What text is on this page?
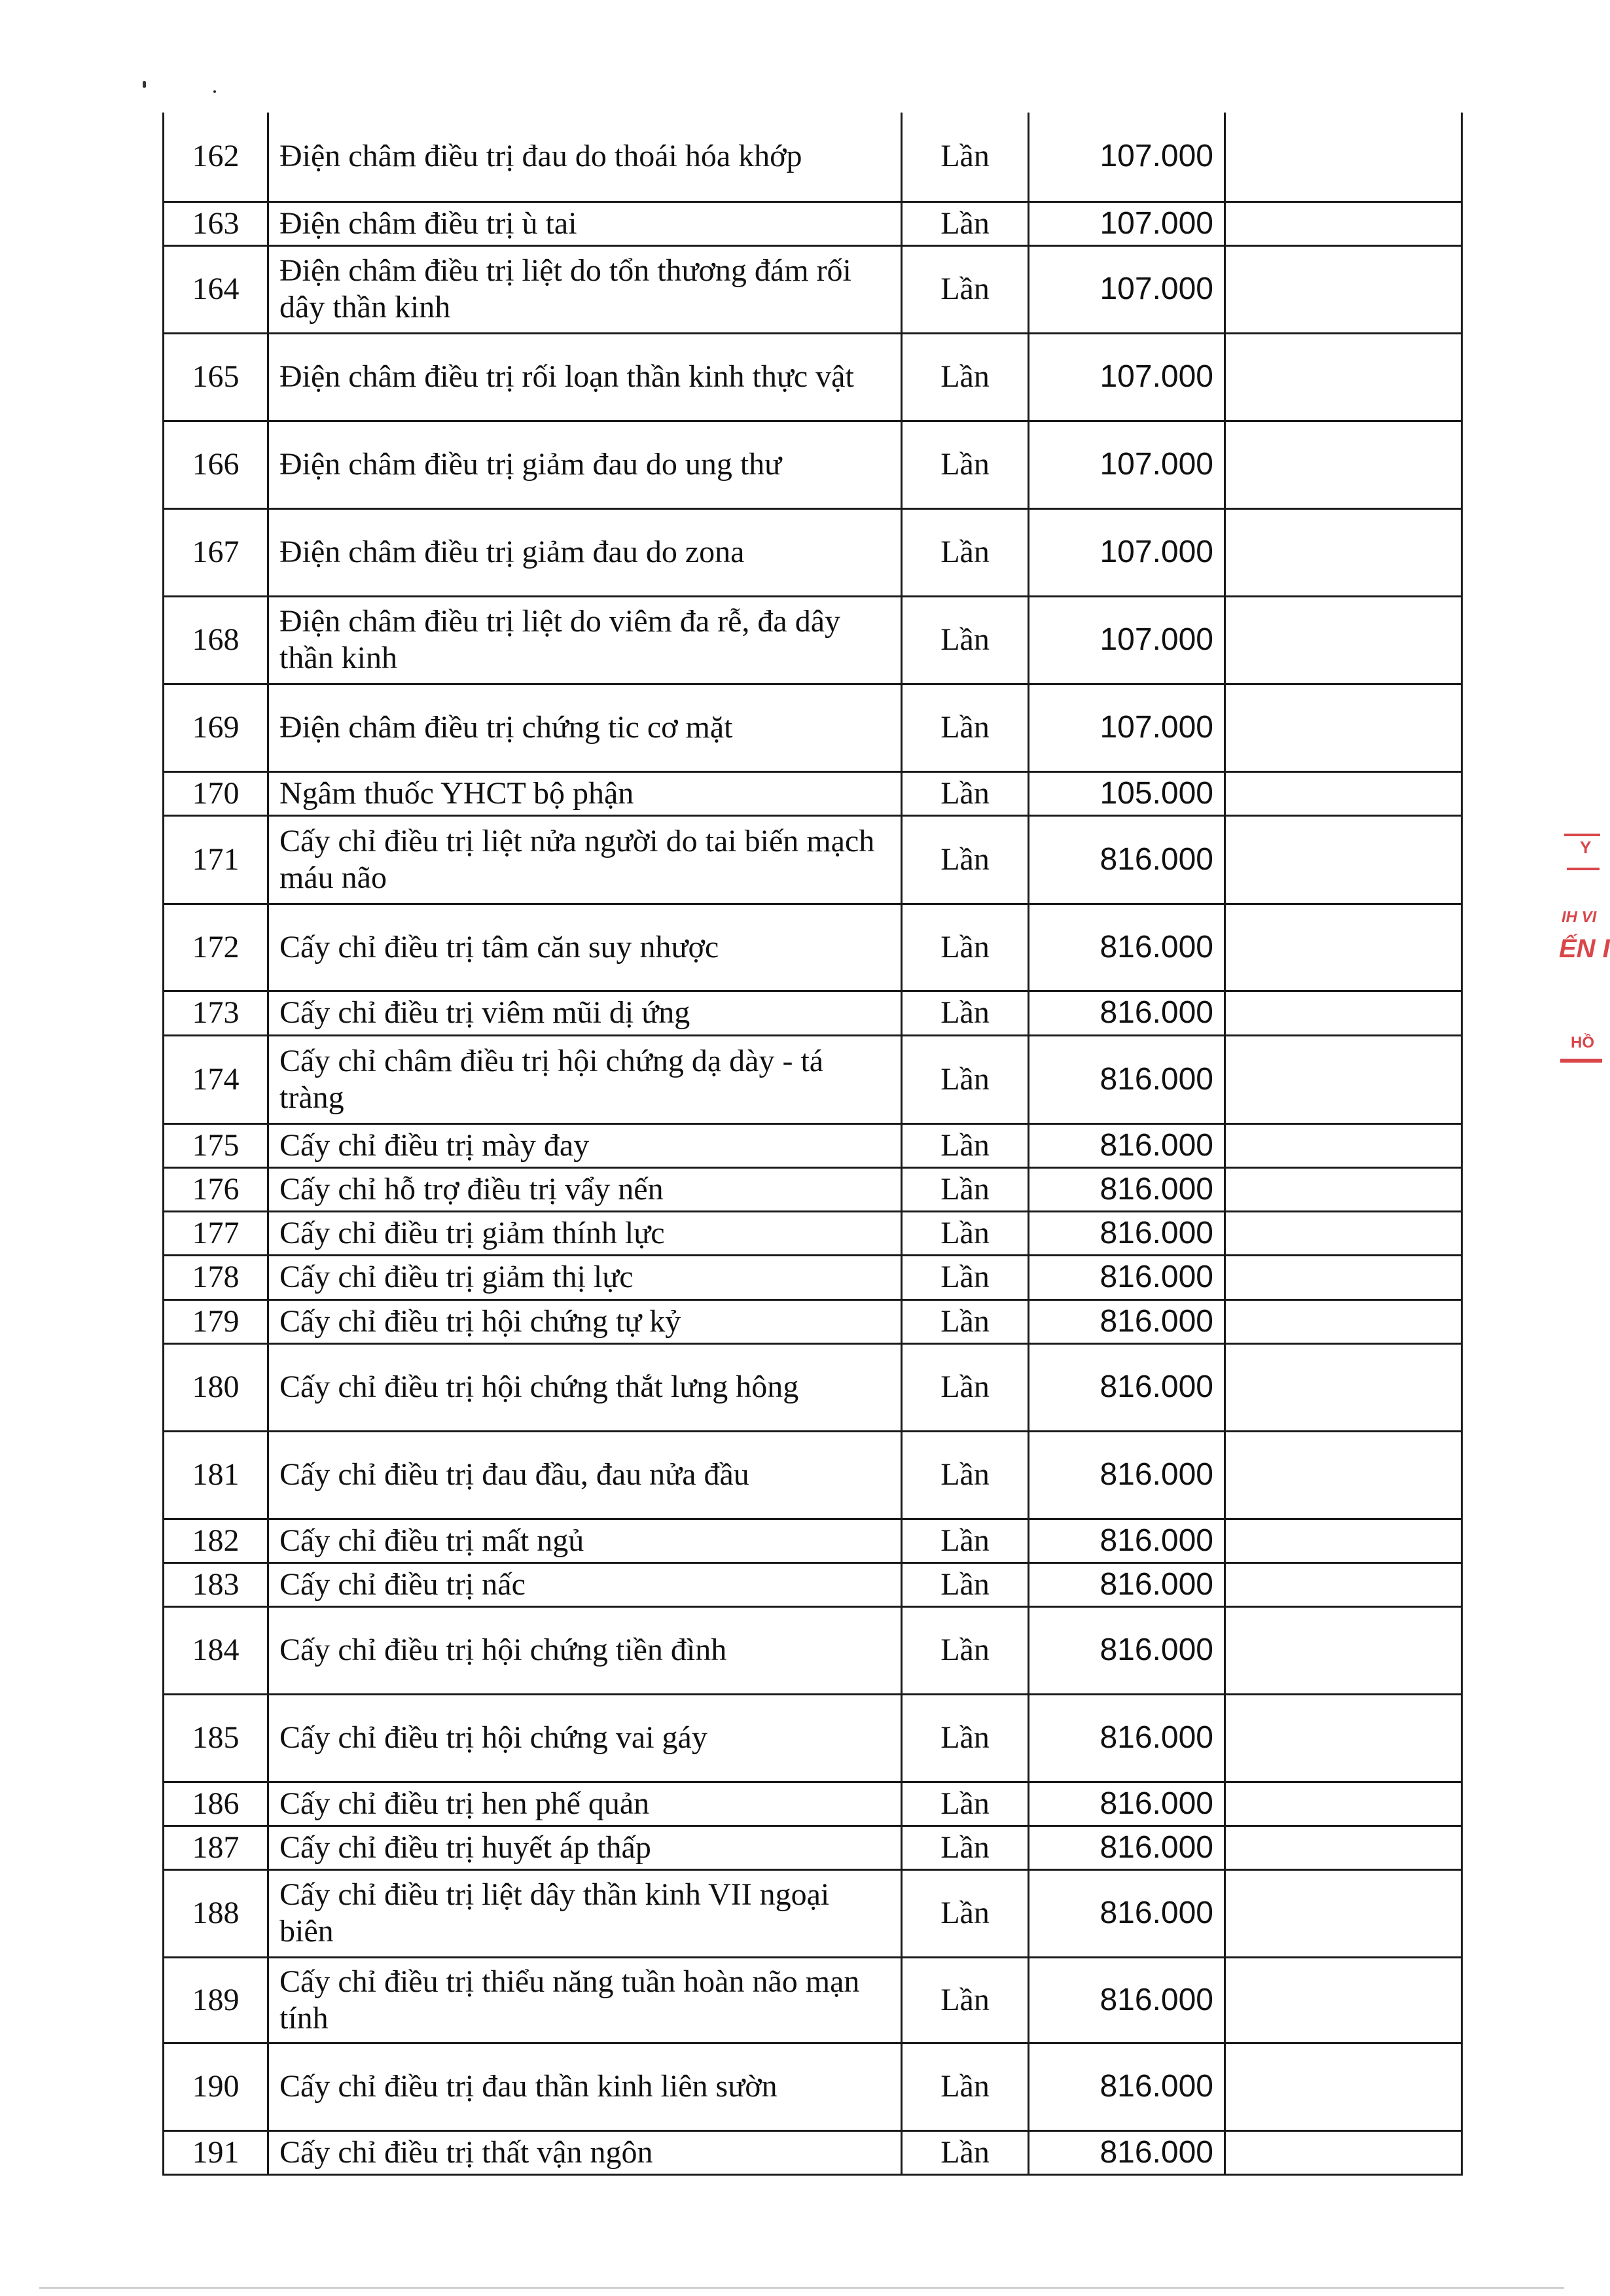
162	Điện châm điều trị đau do thoái hóa khớp	Lần	107.000	
163	Điện châm điều trị ù tai	Lần	107.000	
164	Điện châm điều trị liệt do tổn thương đám rối dây thần kinh	Lần	107.000	
165	Điện châm điều trị rối loạn thần kinh thực vật	Lần	107.000	
166	Điện châm điều trị giảm đau do ung thư	Lần	107.000	
167	Điện châm điều trị giảm đau do zona	Lần	107.000	
168	Điện châm điều trị liệt do viêm đa rễ, đa dây thần kinh	Lần	107.000	
169	Điện châm điều trị chứng tic cơ mặt	Lần	107.000	
170	Ngâm thuốc YHCT bộ phận	Lần	105.000	
171	Cấy chỉ điều trị liệt nửa người do tai biến mạch máu não	Lần	816.000	
172	Cấy chỉ điều trị tâm căn suy nhược	Lần	816.000	
173	Cấy chỉ điều trị viêm mũi dị ứng	Lần	816.000	
174	Cấy chỉ châm điều trị hội chứng dạ dày - tá tràng	Lần	816.000	
175	Cấy chỉ điều trị mày đay	Lần	816.000	
176	Cấy chỉ hỗ trợ điều trị vẩy nến	Lần	816.000	
177	Cấy chỉ điều trị giảm thính lực	Lần	816.000	
178	Cấy chỉ điều trị giảm thị lực	Lần	816.000	
179	Cấy chỉ điều trị hội chứng tự kỷ	Lần	816.000	
180	Cấy chỉ điều trị hội chứng thắt lưng hông	Lần	816.000	
181	Cấy chỉ điều trị đau đầu, đau nửa đầu	Lần	816.000	
182	Cấy chỉ điều trị mất ngủ	Lần	816.000	
183	Cấy chỉ điều trị nấc	Lần	816.000	
184	Cấy chỉ điều trị hội chứng tiền đình	Lần	816.000	
185	Cấy chỉ điều trị hội chứng vai gáy	Lần	816.000	
186	Cấy chỉ điều trị hen phế quản	Lần	816.000	
187	Cấy chỉ điều trị huyết áp thấp	Lần	816.000	
188	Cấy chỉ điều trị liệt dây thần kinh VII ngoại biên	Lần	816.000	
189	Cấy chỉ điều trị thiểu năng tuần hoàn não mạn tính	Lần	816.000	
190	Cấy chỉ điều trị đau thần kinh liên sườn	Lần	816.000	
191	Cấy chỉ điều trị thất vận ngôn	Lần	816.000	
Y
IH VI
ẾN I
HỒ
